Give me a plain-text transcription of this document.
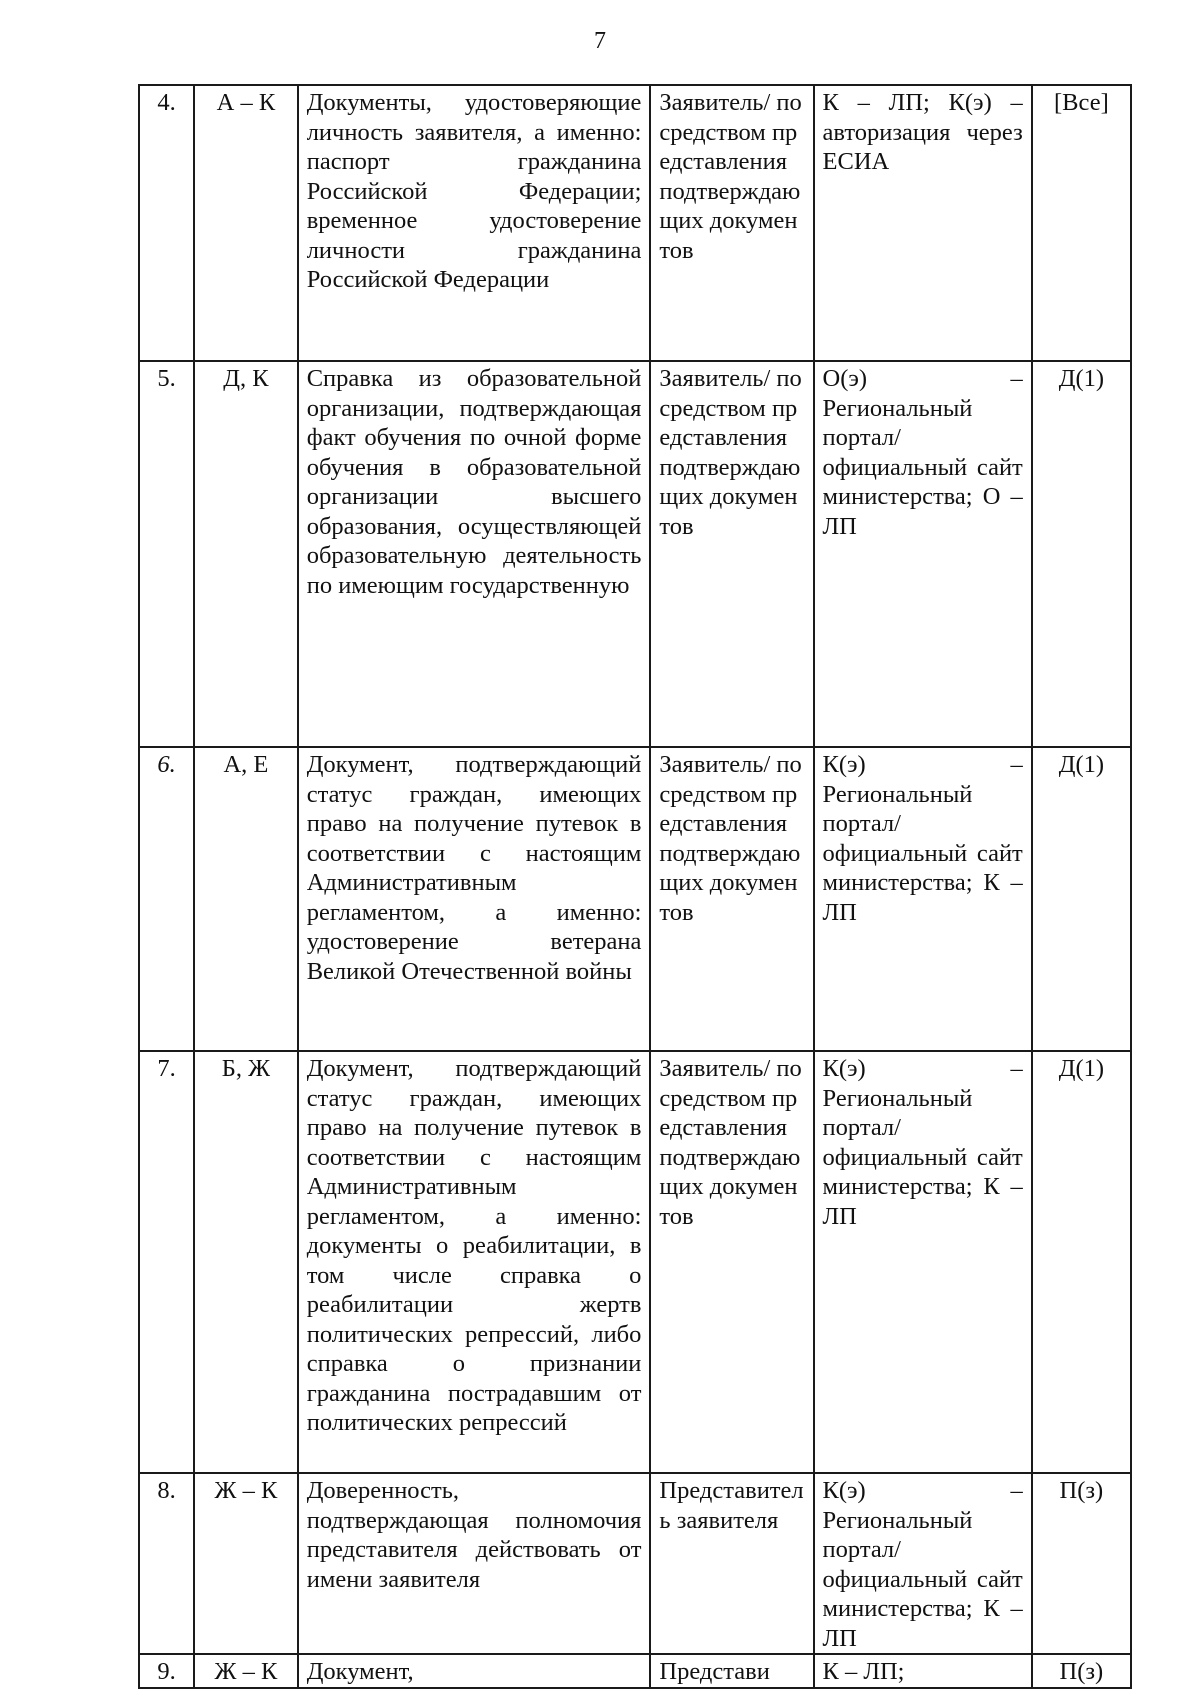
7
4.	А – К	Документы, удостоверяющие личность заявителя, а именно: паспорт гражданина Российской Федерации; временное удостоверение личности гражданина Российской Федерации	Заявитель/ посредством представления подтверждающих документов	К – ЛП; К(э) – авторизация через ЕСИА	[Все]
5.	Д, К	Справка из образовательной организации, подтверждающая факт обучения по очной форме обучения в образовательной организации высшего образования, осуществляющей образовательную деятельность по имеющим государственную	Заявитель/ посредством представления подтверждающих документов	О(э) – Региональный портал/официальный сайт министерства; О – ЛП	Д(1)
6.	А, Е	Документ, подтверждающий статус граждан, имеющих право на получение путевок в соответствии с настоящим Административным регламентом, а именно: удостоверение ветерана Великой Отечественной войны	Заявитель/ посредством представления подтверждающих документов	К(э) – Региональный портал/официальный сайт министерства; К – ЛП	Д(1)
7.	Б, Ж	Документ, подтверждающий статус граждан, имеющих право на получение путевок в соответствии с настоящим Административным регламентом, а именно: документы о реабилитации, в том числе справка о реабилитации жертв политических репрессий, либо справка о признании гражданина пострадавшим от политических репрессий	Заявитель/ посредством представления подтверждающих документов	К(э) – Региональный портал/официальный сайт министерства; К – ЛП	Д(1)
8.	Ж – К	Доверенность, подтверждающая полномочия представителя действовать от имени заявителя	Представитель заявителя	К(э) – Региональный портал/официальный сайт министерства; К – ЛП	П(з)
9.	Ж – К	Документ,	Представи	К – ЛП;	П(з)
